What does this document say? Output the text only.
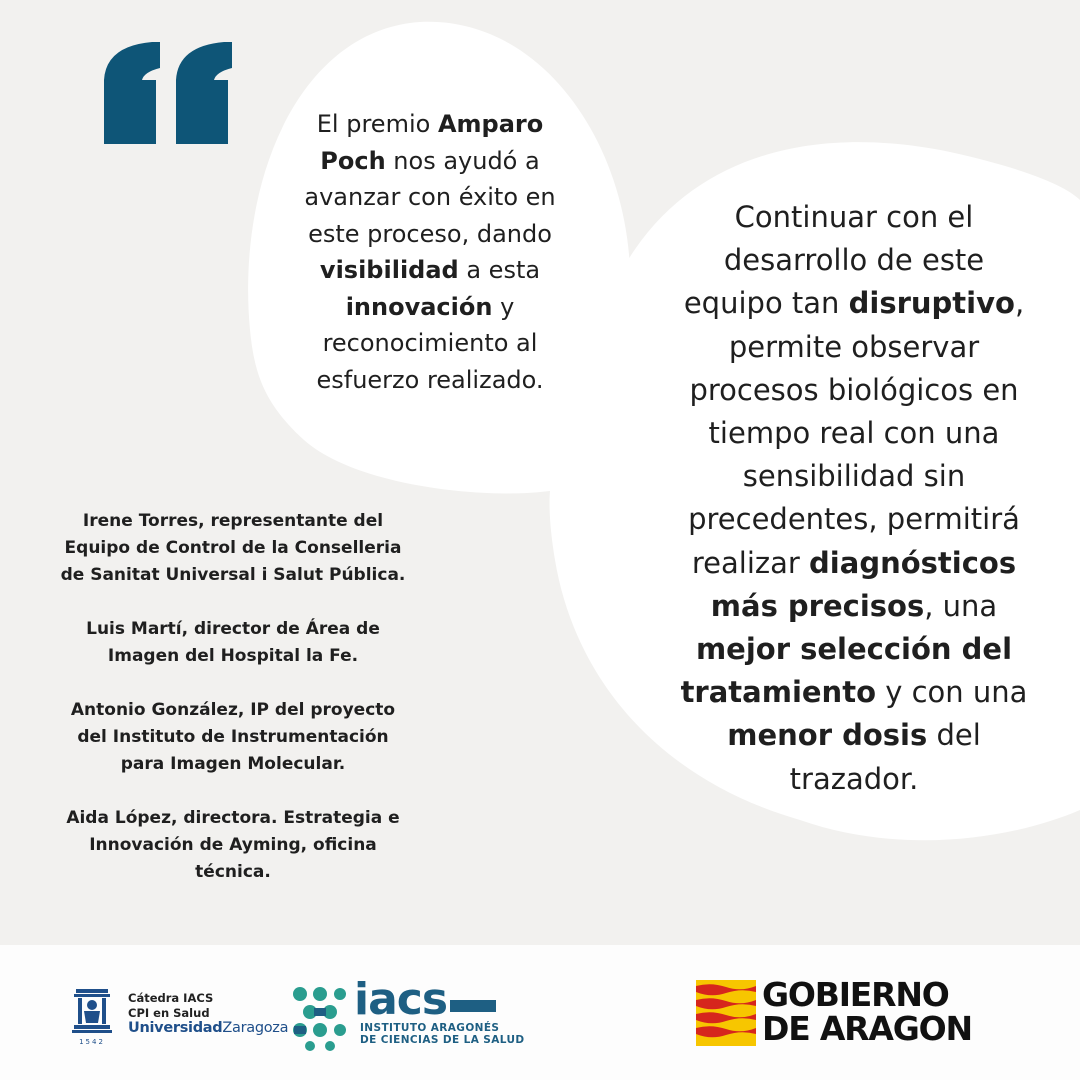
El premio Amparo Poch nos ayudó a avanzar con éxito en este proceso, dando visibilidad a esta innovación y reconocimiento al esfuerzo realizado.
Continuar con el desarrollo de este equipo tan disruptivo, permite observar procesos biológicos en tiempo real con una sensibilidad sin precedentes, permitirá realizar diagnósticos más precisos, una mejor selección del tratamiento y con una menor dosis del trazador.

Irene Torres, representante del Equipo de Control de la Conselleria de Sanitat Universal i Salut Pública.

Luis Martí, director de Área de Imagen del Hospital la Fe.

Antonio González, IP del proyecto del Instituto de Instrumentación para Imagen Molecular.

Aida López, directora. Estrategia e Innovación de Ayming, oficina técnica.

1542
Cátedra IACS
CPI en Salud
UniversidadZaragoza
iacs
INSTITUTO ARAGONÉS
DE CIENCIAS DE LA SALUD
GOBIERNO
DE ARAGON
